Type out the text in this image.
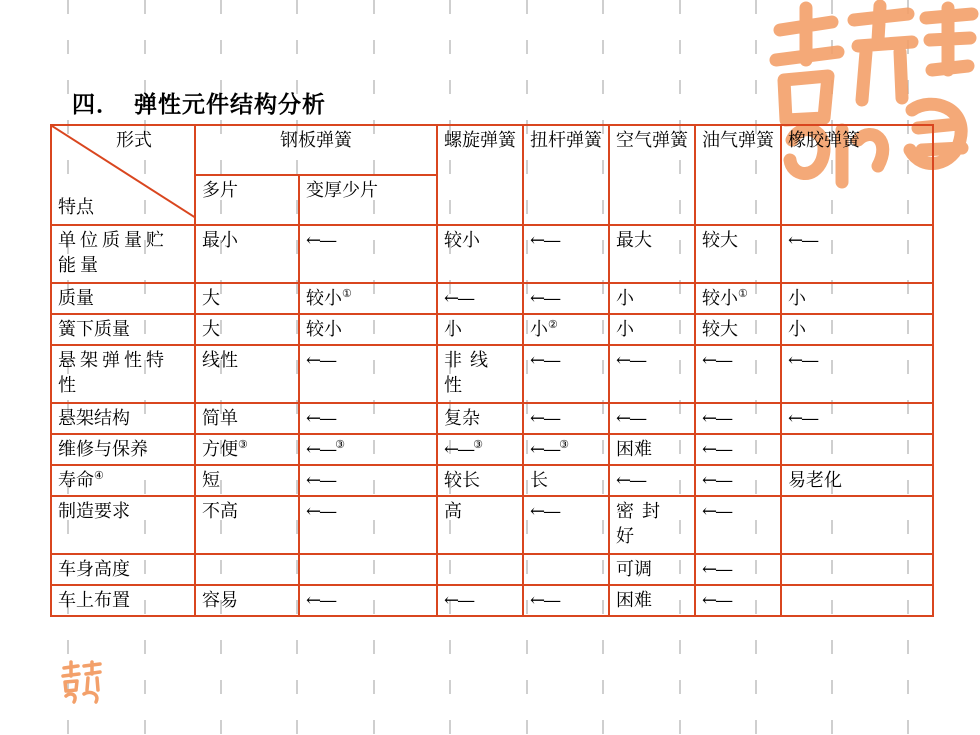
四． 弹性元件结构分析
形式
特点	钢板弹簧		螺旋弹簧	扭杆弹簧	空气弹簧	油气弹簧	橡胶弹簧
	多片	变厚少片					
单位质量贮能量	最小	←—	较小	←—	最大	较大	←—
质量	大	较小①	←—	←—	小	较小①	小
簧下质量	大	较小	小	小②	小	较大	小
悬架弹性特性	线性	←—	非线性	←—	←—	←—	←—
悬架结构	简单	←—	复杂	←—	←—	←—	←—
维修与保养	方便③	←—③	←—③	←—③	困难	←—	
寿命④	短	←—	较长	长	←—	←—	易老化
制造要求	不高	←—	高	←—	密封好	←—	
车身高度					可调	←—	
车上布置	容易	←—	←—	←—	困难	←—	
